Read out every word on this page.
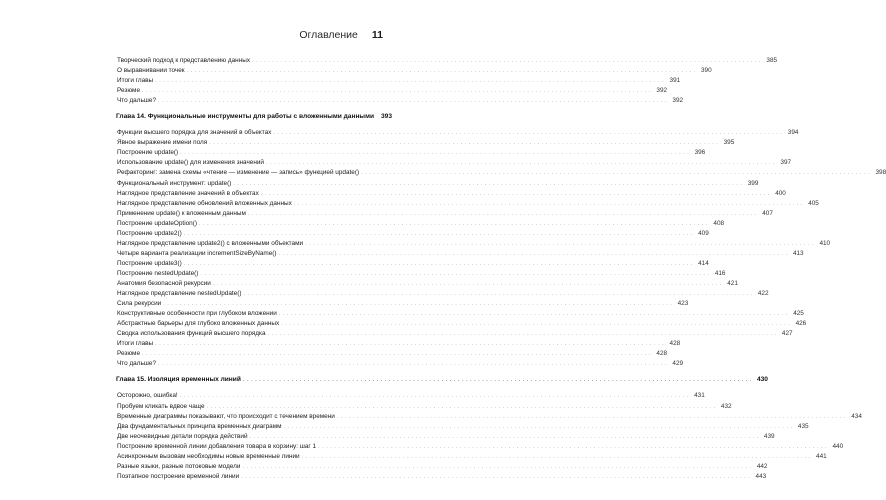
Оглавление 11
Творческий подход к представлению данных . . . . . . . . . . . . . . . . . . . . . . . . . . . . . . . . . . . . . . . . . . . . . . . . . . . . . . . . . . . . . . . . . . . . . . . . . . . . . . . . . . . . . . . . . . . . . . . . . . . . . . . . . . . . . . . . . . . . . . . . . . . . . . 385
О выравнивании точек . . . . . . . . . . . . . . . . . . . . . . . . . . . . . . . . . . . . . . . . . . . . . . . . . . . . . . . . . . . . . . . . . . . . . . . . . . . . . . . . . . . . . . . . . . . . . . . . . . . . . . . . . . . . . . . . . . . . . . . . . . . . . . 390
Итоги главы . . . . . . . . . . . . . . . . . . . . . . . . . . . . . . . . . . . . . . . . . . . . . . . . . . . . . . . . . . . . . . . . . . . . . . . . . . . . . . . . . . . . . . . . . . . . . . . . . . . . . . . . . . . . . . . . . . . . . . . . . . . . . . 391
Резюме . . . . . . . . . . . . . . . . . . . . . . . . . . . . . . . . . . . . . . . . . . . . . . . . . . . . . . . . . . . . . . . . . . . . . . . . . . . . . . . . . . . . . . . . . . . . . . . . . . . . . . . . . . . . . . . . . . . . . . . . . . . . . . 392
Что дальше? . . . . . . . . . . . . . . . . . . . . . . . . . . . . . . . . . . . . . . . . . . . . . . . . . . . . . . . . . . . . . . . . . . . . . . . . . . . . . . . . . . . . . . . . . . . . . . . . . . . . . . . . . . . . . . . . . . . . . . . . . . . . . . 392
Глава 14. Функциональные инструменты для работы с вложенными данными	393
Функции высшего порядка для значений в объектах . . . . . . . . . . . . . . . . . . . . . . . . . . . . . . . . . . . . . . . . . . . . . . . . . . . . . . . . . . . . . . . . . . . . . . . . . . . . . . . . . . . . . . . . . . . . . . . . . . . . . . . . . . . . . . . . . . . . . . . . . . . . . . 394
Явное выражение имени поля . . . . . . . . . . . . . . . . . . . . . . . . . . . . . . . . . . . . . . . . . . . . . . . . . . . . . . . . . . . . . . . . . . . . . . . . . . . . . . . . . . . . . . . . . . . . . . . . . . . . . . . . . . . . . . . . . . . . . . . . . . . . . . 395
Построение update() . . . . . . . . . . . . . . . . . . . . . . . . . . . . . . . . . . . . . . . . . . . . . . . . . . . . . . . . . . . . . . . . . . . . . . . . . . . . . . . . . . . . . . . . . . . . . . . . . . . . . . . . . . . . . . . . . . . . . . . . . . . . . . 396
Использование update() для изменения значений . . . . . . . . . . . . . . . . . . . . . . . . . . . . . . . . . . . . . . . . . . . . . . . . . . . . . . . . . . . . . . . . . . . . . . . . . . . . . . . . . . . . . . . . . . . . . . . . . . . . . . . . . . . . . . . . . . . . . . . . . . . . . . 397
Рефакторинг: замена схемы «чтение — изменение — запись» функцией update() . . . . . . . . . . . . . . . . . . . . . . . . . . . . . . . . . . . . . . . . . . . . . . . . . . . . . . . . . . . . . . . . . . . . . . . . . . . . . . . . . . . . . . . . . . . . . . . . . . . . . . . . . . . . . . . . . . . . . . . . . . . . . . 398
Функциональный инструмент: update() . . . . . . . . . . . . . . . . . . . . . . . . . . . . . . . . . . . . . . . . . . . . . . . . . . . . . . . . . . . . . . . . . . . . . . . . . . . . . . . . . . . . . . . . . . . . . . . . . . . . . . . . . . . . . . . . . . . . . . . . . . . . . . 399
Наглядное представление значений в объектах . . . . . . . . . . . . . . . . . . . . . . . . . . . . . . . . . . . . . . . . . . . . . . . . . . . . . . . . . . . . . . . . . . . . . . . . . . . . . . . . . . . . . . . . . . . . . . . . . . . . . . . . . . . . . . . . . . . . . . . . . . . . . . 400
Наглядное представление обновлений вложенных данных . . . . . . . . . . . . . . . . . . . . . . . . . . . . . . . . . . . . . . . . . . . . . . . . . . . . . . . . . . . . . . . . . . . . . . . . . . . . . . . . . . . . . . . . . . . . . . . . . . . . . . . . . . . . . . . . . . . . . . . . . . . . . . 405
Применение update() к вложенным данным . . . . . . . . . . . . . . . . . . . . . . . . . . . . . . . . . . . . . . . . . . . . . . . . . . . . . . . . . . . . . . . . . . . . . . . . . . . . . . . . . . . . . . . . . . . . . . . . . . . . . . . . . . . . . . . . . . . . . . . . . . . . . . 407
Построение updateOption() . . . . . . . . . . . . . . . . . . . . . . . . . . . . . . . . . . . . . . . . . . . . . . . . . . . . . . . . . . . . . . . . . . . . . . . . . . . . . . . . . . . . . . . . . . . . . . . . . . . . . . . . . . . . . . . . . . . . . . . . . . . . . . 408
Построение update2() . . . . . . . . . . . . . . . . . . . . . . . . . . . . . . . . . . . . . . . . . . . . . . . . . . . . . . . . . . . . . . . . . . . . . . . . . . . . . . . . . . . . . . . . . . . . . . . . . . . . . . . . . . . . . . . . . . . . . . . . . . . . . . 409
Наглядное представление update2() с вложенными объектами . . . . . . . . . . . . . . . . . . . . . . . . . . . . . . . . . . . . . . . . . . . . . . . . . . . . . . . . . . . . . . . . . . . . . . . . . . . . . . . . . . . . . . . . . . . . . . . . . . . . . . . . . . . . . . . . . . . . . . . . . . . . . . 410
Четыре варианта реализации incrementSizeByName() . . . . . . . . . . . . . . . . . . . . . . . . . . . . . . . . . . . . . . . . . . . . . . . . . . . . . . . . . . . . . . . . . . . . . . . . . . . . . . . . . . . . . . . . . . . . . . . . . . . . . . . . . . . . . . . . . . . . . . . . . . . . . . 413
Построение update3() . . . . . . . . . . . . . . . . . . . . . . . . . . . . . . . . . . . . . . . . . . . . . . . . . . . . . . . . . . . . . . . . . . . . . . . . . . . . . . . . . . . . . . . . . . . . . . . . . . . . . . . . . . . . . . . . . . . . . . . . . . . . . . 414
Построение nestedUpdate() . . . . . . . . . . . . . . . . . . . . . . . . . . . . . . . . . . . . . . . . . . . . . . . . . . . . . . . . . . . . . . . . . . . . . . . . . . . . . . . . . . . . . . . . . . . . . . . . . . . . . . . . . . . . . . . . . . . . . . . . . . . . . . 416
Анатомия безопасной рекурсии . . . . . . . . . . . . . . . . . . . . . . . . . . . . . . . . . . . . . . . . . . . . . . . . . . . . . . . . . . . . . . . . . . . . . . . . . . . . . . . . . . . . . . . . . . . . . . . . . . . . . . . . . . . . . . . . . . . . . . . . . . . . . . 421
Наглядное представление nestedUpdate() . . . . . . . . . . . . . . . . . . . . . . . . . . . . . . . . . . . . . . . . . . . . . . . . . . . . . . . . . . . . . . . . . . . . . . . . . . . . . . . . . . . . . . . . . . . . . . . . . . . . . . . . . . . . . . . . . . . . . . . . . . . . . . 422
Сила рекурсии . . . . . . . . . . . . . . . . . . . . . . . . . . . . . . . . . . . . . . . . . . . . . . . . . . . . . . . . . . . . . . . . . . . . . . . . . . . . . . . . . . . . . . . . . . . . . . . . . . . . . . . . . . . . . . . . . . . . . . . . . . . . . . 423
Конструктивные особенности при глубоком вложении . . . . . . . . . . . . . . . . . . . . . . . . . . . . . . . . . . . . . . . . . . . . . . . . . . . . . . . . . . . . . . . . . . . . . . . . . . . . . . . . . . . . . . . . . . . . . . . . . . . . . . . . . . . . . . . . . . . . . . . . . . . . . . 425
Абстрактные барьеры для глубоко вложенных данных . . . . . . . . . . . . . . . . . . . . . . . . . . . . . . . . . . . . . . . . . . . . . . . . . . . . . . . . . . . . . . . . . . . . . . . . . . . . . . . . . . . . . . . . . . . . . . . . . . . . . . . . . . . . . . . . . . . . . . . . . . . . . . 426
Сводка использования функций высшего порядка . . . . . . . . . . . . . . . . . . . . . . . . . . . . . . . . . . . . . . . . . . . . . . . . . . . . . . . . . . . . . . . . . . . . . . . . . . . . . . . . . . . . . . . . . . . . . . . . . . . . . . . . . . . . . . . . . . . . . . . . . . . . . . 427
Итоги главы . . . . . . . . . . . . . . . . . . . . . . . . . . . . . . . . . . . . . . . . . . . . . . . . . . . . . . . . . . . . . . . . . . . . . . . . . . . . . . . . . . . . . . . . . . . . . . . . . . . . . . . . . . . . . . . . . . . . . . . . . . . . . . 428
Резюме . . . . . . . . . . . . . . . . . . . . . . . . . . . . . . . . . . . . . . . . . . . . . . . . . . . . . . . . . . . . . . . . . . . . . . . . . . . . . . . . . . . . . . . . . . . . . . . . . . . . . . . . . . . . . . . . . . . . . . . . . . . . . . 428
Что дальше? . . . . . . . . . . . . . . . . . . . . . . . . . . . . . . . . . . . . . . . . . . . . . . . . . . . . . . . . . . . . . . . . . . . . . . . . . . . . . . . . . . . . . . . . . . . . . . . . . . . . . . . . . . . . . . . . . . . . . . . . . . . . . . 429
Глава 15. Изоляция временных линий . . . . . . . . . . . . . . . . . . . . . . . . . . . . . . . . . . . . . . . . . . . . . . . . . . . . . . . . . . . . . . . . . . . . . . . . . . . . . . . . . . . . . . . . . . . . . . . . . . . . . . . . . . . . . . . . . . . . . . . . . . . . . . 430
Осторожно, ошибка! . . . . . . . . . . . . . . . . . . . . . . . . . . . . . . . . . . . . . . . . . . . . . . . . . . . . . . . . . . . . . . . . . . . . . . . . . . . . . . . . . . . . . . . . . . . . . . . . . . . . . . . . . . . . . . . . . . . . . . . . . . . . . . 431
Пробуем кликать вдвое чаще . . . . . . . . . . . . . . . . . . . . . . . . . . . . . . . . . . . . . . . . . . . . . . . . . . . . . . . . . . . . . . . . . . . . . . . . . . . . . . . . . . . . . . . . . . . . . . . . . . . . . . . . . . . . . . . . . . . . . . . . . . . . . . 432
Временные диаграммы показывают, что происходит с течением времени . . . . . . . . . . . . . . . . . . . . . . . . . . . . . . . . . . . . . . . . . . . . . . . . . . . . . . . . . . . . . . . . . . . . . . . . . . . . . . . . . . . . . . . . . . . . . . . . . . . . . . . . . . . . . . . . . . . . . . . . . . . . . . 434
Два фундаментальных принципа временных диаграмм . . . . . . . . . . . . . . . . . . . . . . . . . . . . . . . . . . . . . . . . . . . . . . . . . . . . . . . . . . . . . . . . . . . . . . . . . . . . . . . . . . . . . . . . . . . . . . . . . . . . . . . . . . . . . . . . . . . . . . . . . . . . . . 435
Две неочевидные детали порядка действий . . . . . . . . . . . . . . . . . . . . . . . . . . . . . . . . . . . . . . . . . . . . . . . . . . . . . . . . . . . . . . . . . . . . . . . . . . . . . . . . . . . . . . . . . . . . . . . . . . . . . . . . . . . . . . . . . . . . . . . . . . . . . . 439
Построение временной линии добавления товара в корзину: шаг 1 . . . . . . . . . . . . . . . . . . . . . . . . . . . . . . . . . . . . . . . . . . . . . . . . . . . . . . . . . . . . . . . . . . . . . . . . . . . . . . . . . . . . . . . . . . . . . . . . . . . . . . . . . . . . . . . . . . . . . . . . . . . . . . 440
Асинхронным вызовам необходимы новые временные линии . . . . . . . . . . . . . . . . . . . . . . . . . . . . . . . . . . . . . . . . . . . . . . . . . . . . . . . . . . . . . . . . . . . . . . . . . . . . . . . . . . . . . . . . . . . . . . . . . . . . . . . . . . . . . . . . . . . . . . . . . . . . . . 441
Разные языки, разные потоковые модели . . . . . . . . . . . . . . . . . . . . . . . . . . . . . . . . . . . . . . . . . . . . . . . . . . . . . . . . . . . . . . . . . . . . . . . . . . . . . . . . . . . . . . . . . . . . . . . . . . . . . . . . . . . . . . . . . . . . . . . . . . . . . . 442
Поэтапное построение временной линии . . . . . . . . . . . . . . . . . . . . . . . . . . . . . . . . . . . . . . . . . . . . . . . . . . . . . . . . . . . . . . . . . . . . . . . . . . . . . . . . . . . . . . . . . . . . . . . . . . . . . . . . . . . . . . . . . . . . . . . . . . . . . . 443
